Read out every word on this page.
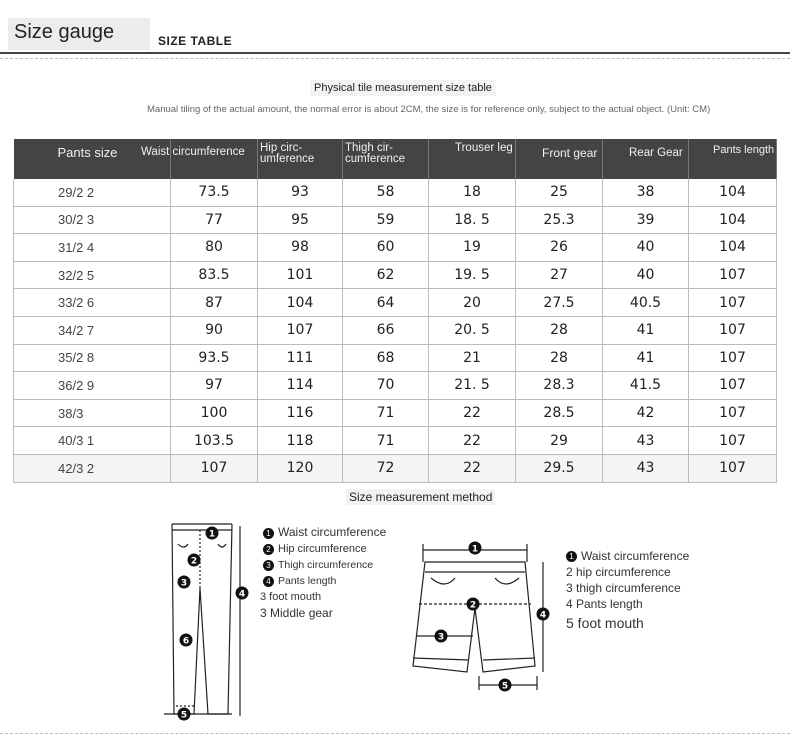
Size gauge	SIZE TABLE
Physical tile measurement size table
Manual tiling of the actual amount, the normal error is about 2CM, the size is for reference only, subject to the actual object. (Unit: CM)
Pants size	Waist circumference	Hip circ-umference	Thigh cir-cumference	Trouser leg	Front gear	Rear Gear	Pants length
29/2 2	73.5	93	58	18	25	38	104
30/2 3	77	95	59	18. 5	25.3	39	104
31/2 4	80	98	60	19	26	40	104
32/2 5	83.5	101	62	19. 5	27	40	107
33/2 6	87	104	64	20	27.5	40.5	107
34/2 7	90	107	66	20. 5	28	41	107
35/2 8	93.5	111	68	21	28	41	107
36/2 9	97	114	70	21. 5	28.3	41.5	107
38/3	100	116	71	22	28.5	42	107
40/3 1	103.5	118	71	22	29	43	107
42/3 2	107	120	72	22	29.5	43	107
Size measurement method
1
2
3
4
6
5
1 Waist circumference
2 Hip circumference
3 Thigh circumference
4 Pants length
3 foot mouth
3 Middle gear
1
2
3
4
5
1 Waist circumference
2 hip circumference
3 thigh circumference
4 Pants length
5 foot mouth
